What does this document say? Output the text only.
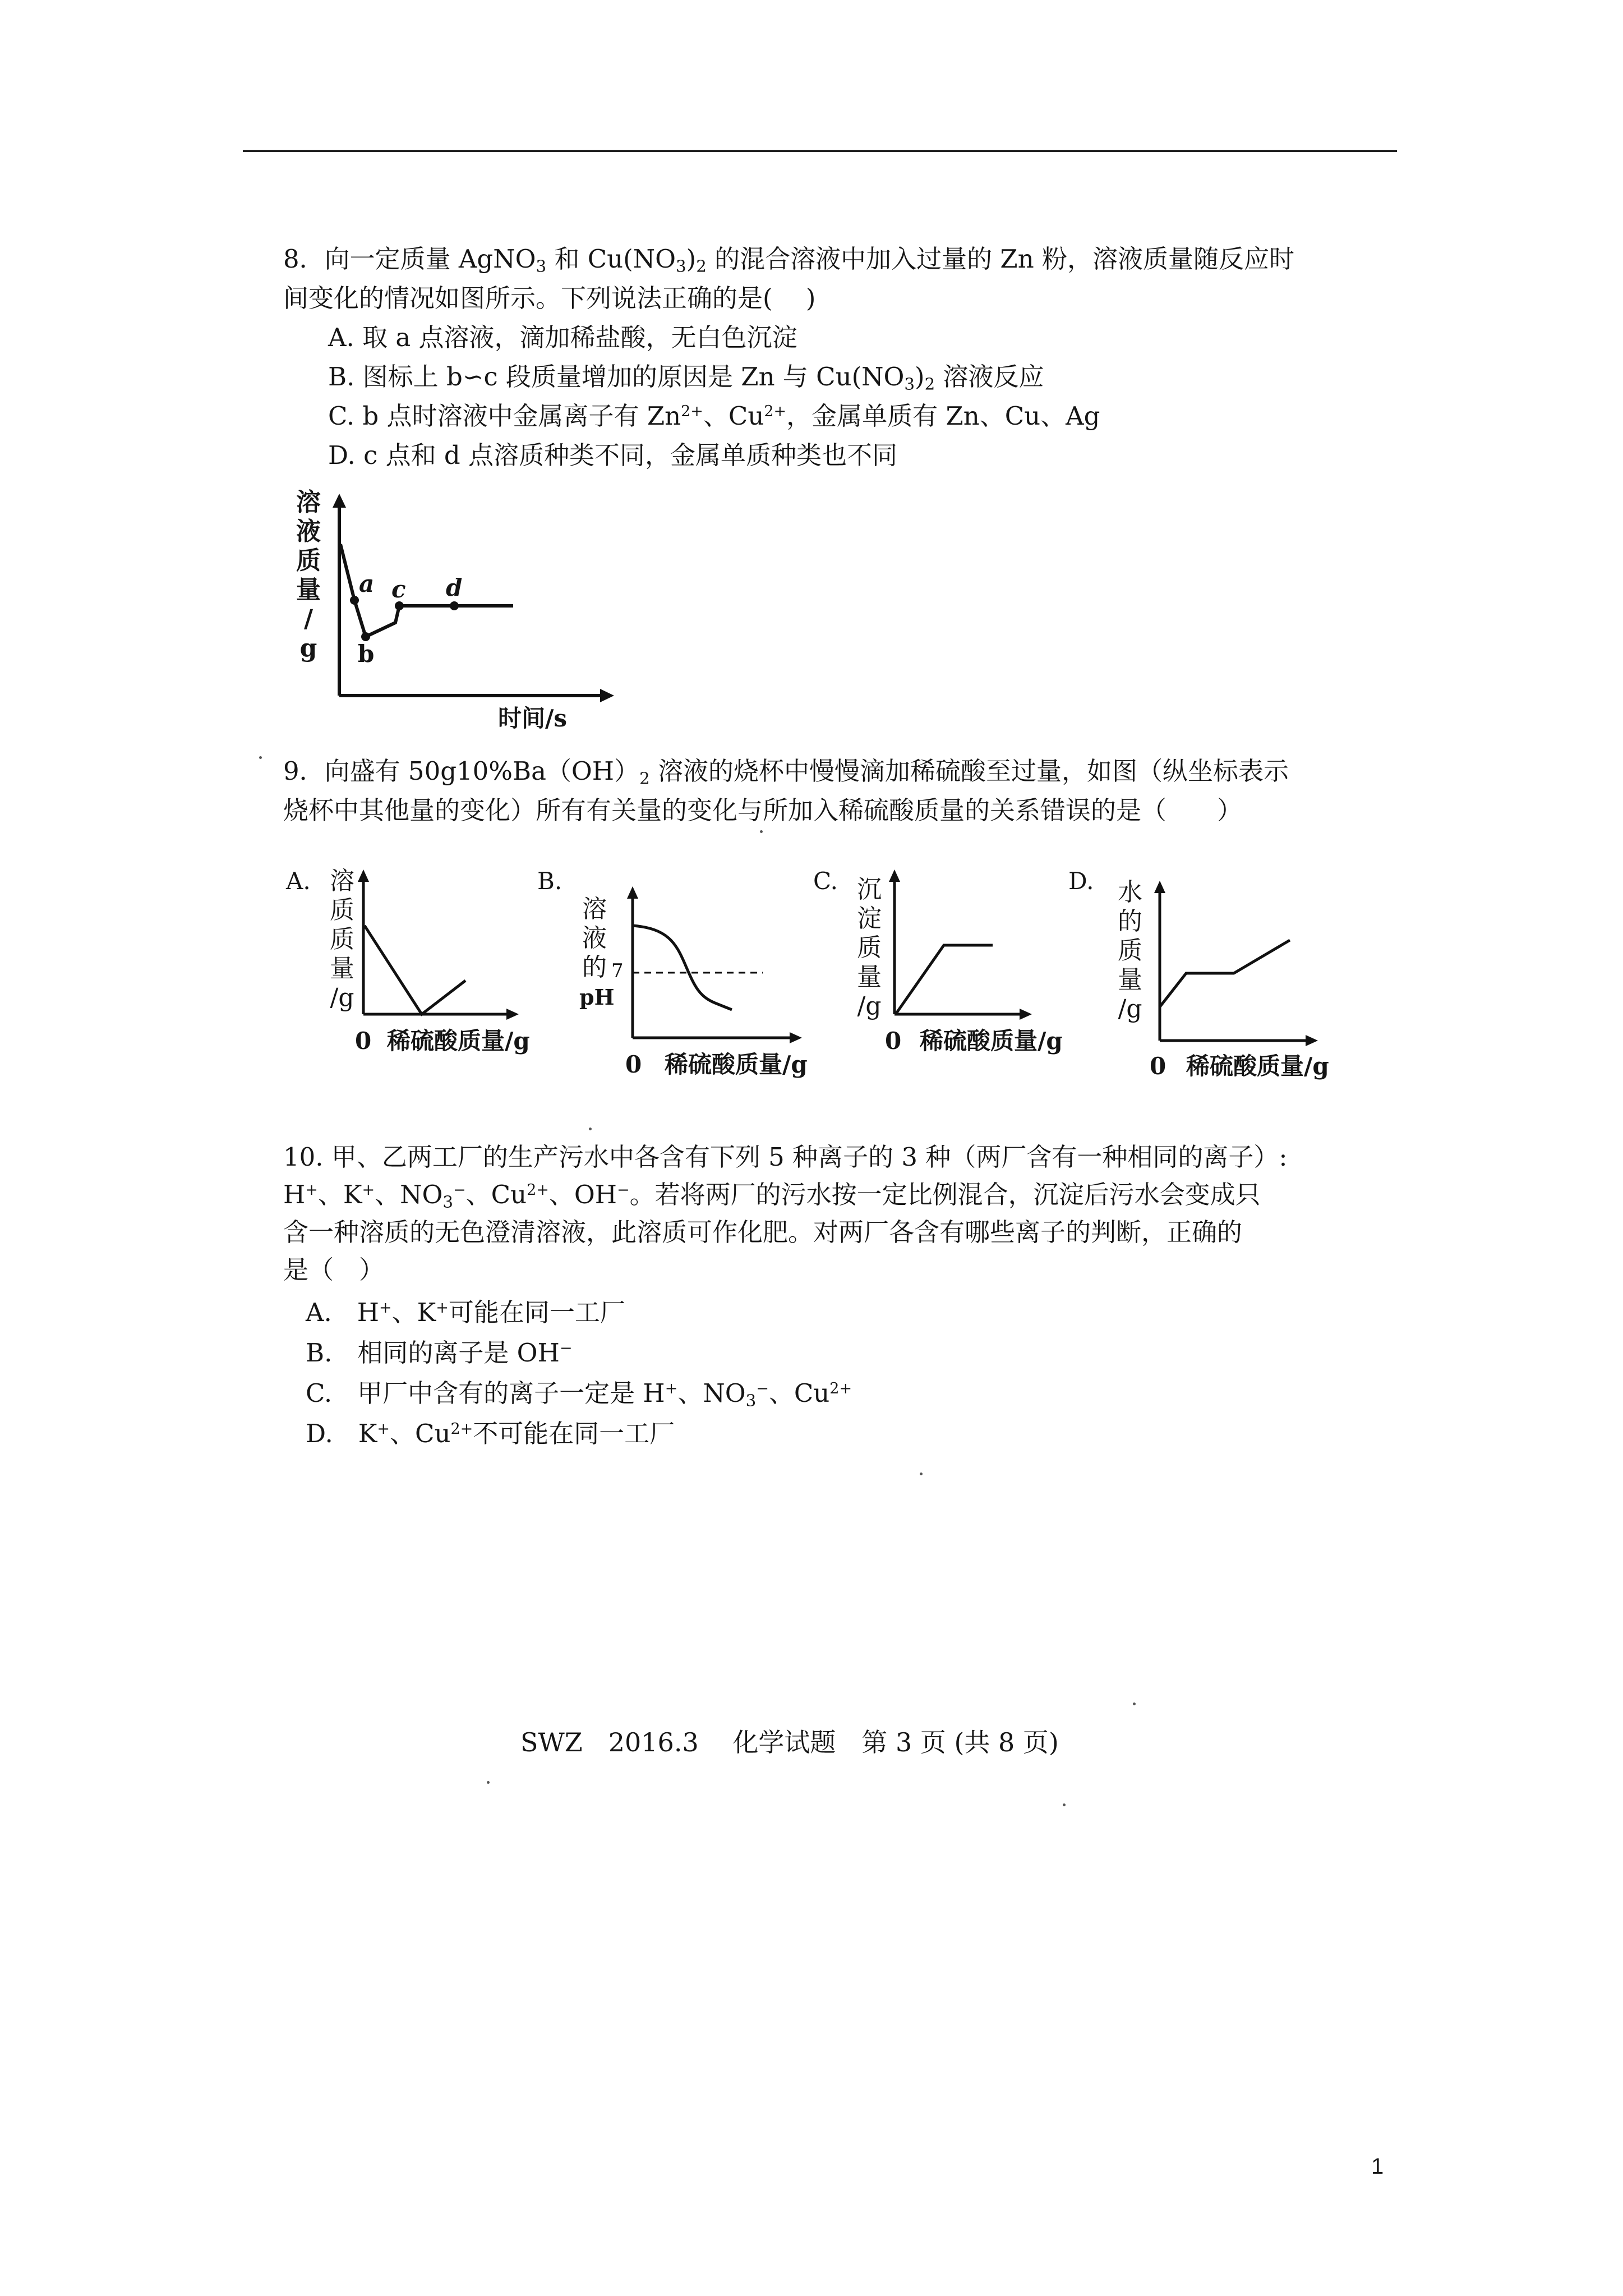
8．向一定质量 AgNO$_3$ 和 $Cu(NO_3)_2$ 的混合溶液中加入过量的 Zn 粉，溶液质量随反应时
间变化的情况如图所示。下列说法正确的是(　 )
A. 取 a 点溶液，滴加稀盐酸，无白色沉淀
B. 图标上 b∽c 段质量增加的原因是 Zn 与 $Cu(NO_3)_2$ 溶液反应
C. b 点时溶液中金属离子有 $Zn^{2+}$、$Cu^{2+}$，金属单质有 Zn、Cu、Ag
D. c 点和 d 点溶质种类不同，金属单质种类也不同
溶
液
质
量
/
g
a
b
c d
时间/s
9．向盛有 $50g10\%Ba(OH)_2$ 溶液的烧杯中慢慢滴加稀硫酸至过量，如图（纵坐标表示
烧杯中其他量的变化）所有有关量的变化与所加入稀硫酸质量的关系错误的是（　　）
A. 溶
质
质
量
/g
0 稀硫酸质量/g
B.
溶
液
的 7
pH
0 稀硫酸质量/g
C. 沉
淀
质
量
/g
0 稀硫酸质量/g
D. 水
的
质
量
/g
0 稀硫酸质量/g
10. 甲、乙两工厂的生产污水中各含有下列 5 种离子的 3 种（两厂含有一种相同的离子）:
H+、K+、$NO_3^-$、$Cu^{2+}$、OH−。若将两厂的污水按一定比例混合，沉淀后污水会变成只
含一种溶质的无色澄清溶液，此溶质可作化肥。对两厂各含有哪些离子的判断，正确的
是（　）
A.　H+、K+可能在同一工厂
B.　相同的离子是 OH−
C.　甲厂中含有的离子一定是 H+、$NO_3^-$、$Cu^{2+}$
D.　K+、$Cu^{2+}$不可能在同一工厂
SWZ　2016.3　 化学试题　第 3 页 (共 8 页)
1
